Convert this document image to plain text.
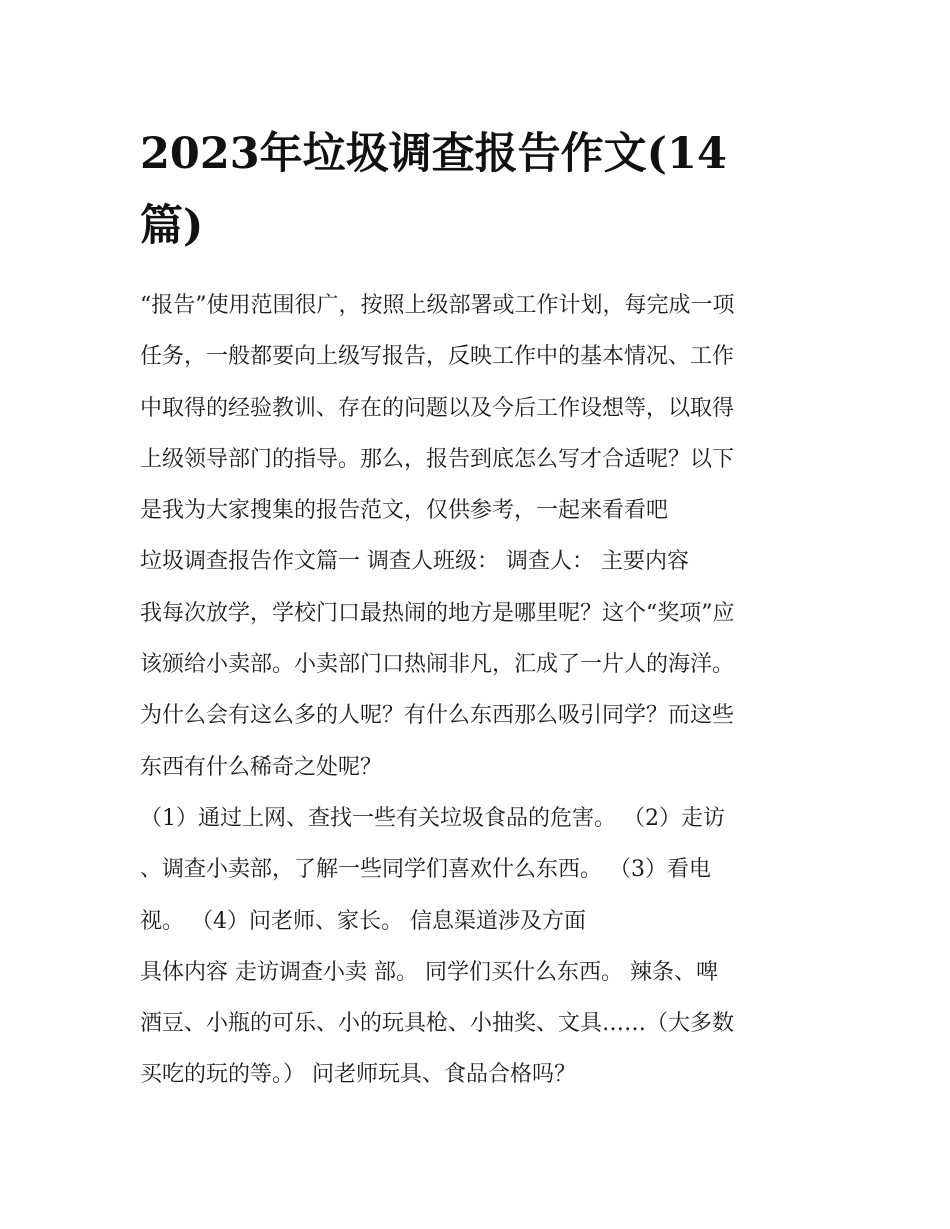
2023年垃圾调查报告作文(14
篇)
“报告”使用范围很广，按照上级部署或工作计划，每完成一项
任务，一般都要向上级写报告，反映工作中的基本情况、工作
中取得的经验教训、存在的问题以及今后工作设想等，以取得
上级领导部门的指导。那么，报告到底怎么写才合适呢？以下
是我为大家搜集的报告范文，仅供参考，一起来看看吧
垃圾调查报告作文篇一 调查人班级： 调查人： 主要内容
我每次放学，学校门口最热闹的地方是哪里呢？这个“奖项”应
该颁给小卖部。小卖部门口热闹非凡，汇成了一片人的海洋。
为什么会有这么多的人呢？有什么东西那么吸引同学？而这些
东西有什么稀奇之处呢？
（1）通过上网、查找一些有关垃圾食品的危害。 （2）走访
、调查小卖部，了解一些同学们喜欢什么东西。 （3）看电
视。 （4）问老师、家长。 信息渠道涉及方面
具体内容 走访调查小卖 部。 同学们买什么东西。 辣条、啤
酒豆、小瓶的可乐、小的玩具枪、小抽奖、文具……（大多数
买吃的玩的等。） 问老师玩具、食品合格吗？
